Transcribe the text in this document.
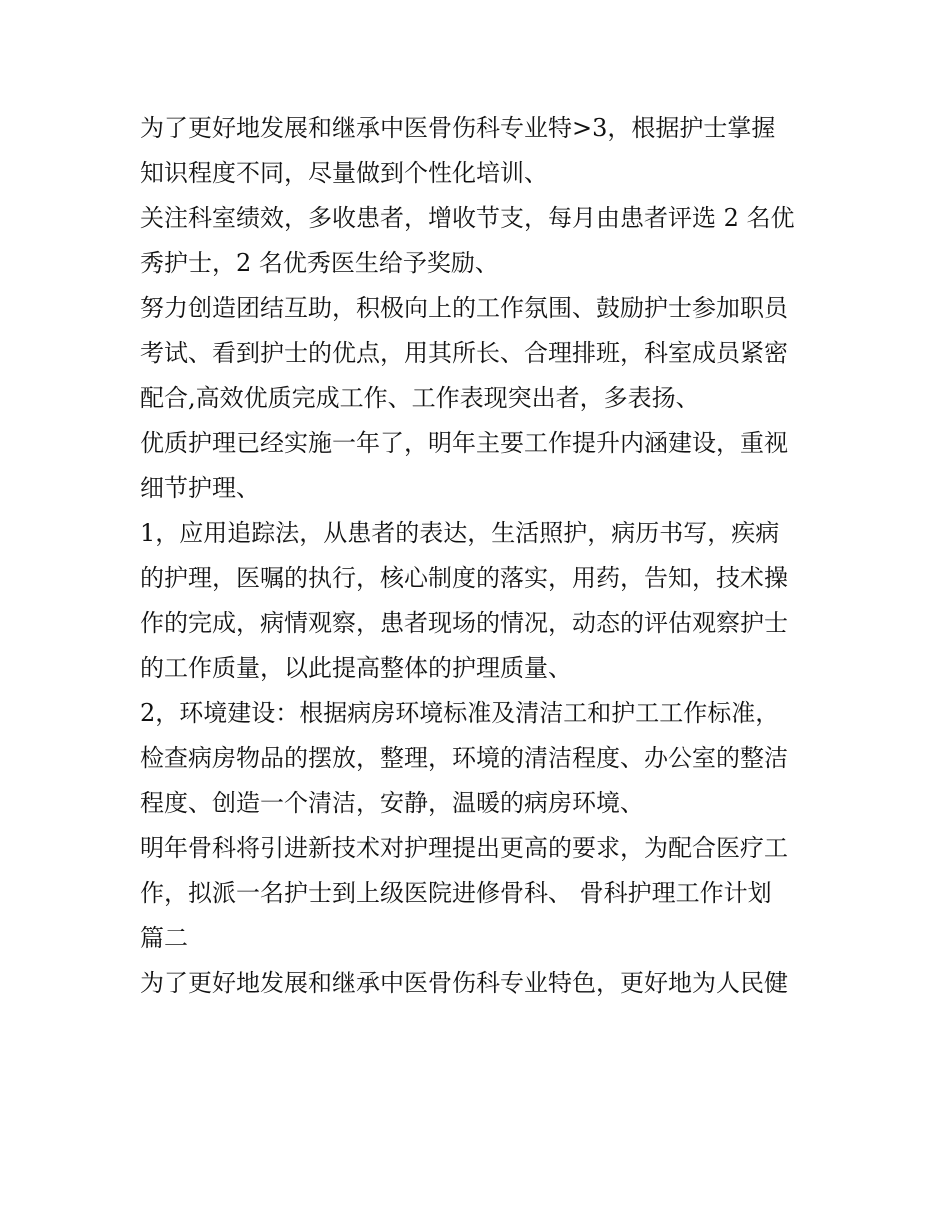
为了更好地发展和继承中医骨伤科专业特>3，根据护士掌握
知识程度不同，尽量做到个性化培训、
关注科室绩效，多收患者，增收节支，每月由患者评选 2 名优
秀护士，2 名优秀医生给予奖励、
努力创造团结互助，积极向上的工作氛围、鼓励护士参加职员
考试、看到护士的优点，用其所长、合理排班，科室成员紧密
配合,高效优质完成工作、工作表现突出者，多表扬、
优质护理已经实施一年了，明年主要工作提升内涵建设，重视
细节护理、
1，应用追踪法，从患者的表达，生活照护，病历书写，疾病
的护理，医嘱的执行，核心制度的落实，用药，告知，技术操
作的完成，病情观察，患者现场的情况，动态的评估观察护士
的工作质量，以此提高整体的护理质量、
2，环境建设：根据病房环境标准及清洁工和护工工作标准，
检查病房物品的摆放，整理，环境的清洁程度、办公室的整洁
程度、创造一个清洁，安静，温暖的病房环境、
明年骨科将引进新技术对护理提出更高的要求，为配合医疗工
作，拟派一名护士到上级医院进修骨科、 骨科护理工作计划
篇二
为了更好地发展和继承中医骨伤科专业特色，更好地为人民健
